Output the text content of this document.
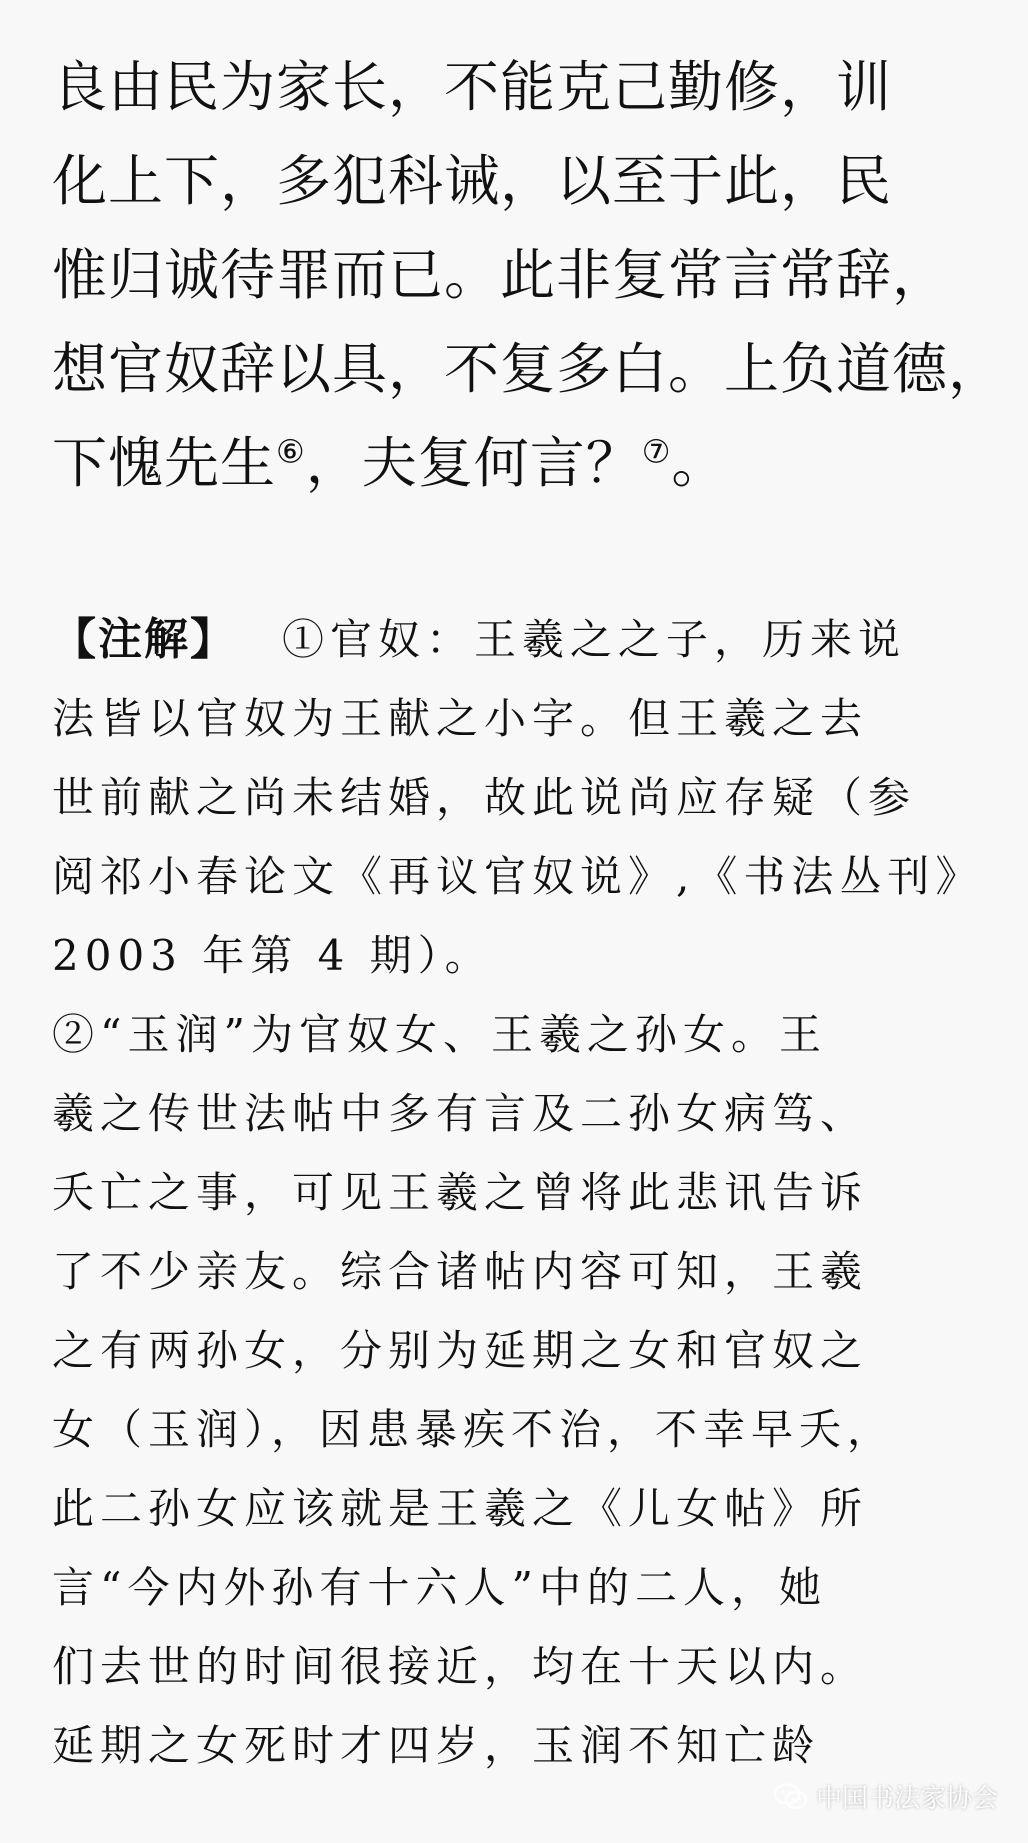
良由民为家长，不能克己勤修，训
化上下，多犯科诫，以至于此，民
惟归诚待罪而已。此非复常言常辞，
想官奴辞以具，不复多白。上负道德，
下愧先生⑥，夫复何言？⑦。
【注解】 ①官奴：王羲之之子，历来说
法皆以官奴为王献之小字。但王羲之去
世前献之尚未结婚，故此说尚应存疑（参
阅祁小春论文《再议官奴说》,《书法丛刊》
2003 年第 4 期）。
②“玉润”为官奴女、王羲之孙女。王
羲之传世法帖中多有言及二孙女病笃、
夭亡之事，可见王羲之曾将此悲讯告诉
了不少亲友。综合诸帖内容可知，王羲
之有两孙女，分别为延期之女和官奴之
女（玉润），因患暴疾不治，不幸早夭，
此二孙女应该就是王羲之《儿女帖》所
言“今内外孙有十六人”中的二人，她
们去世的时间很接近，均在十天以内。
延期之女死时才四岁，玉润不知亡龄
中国书法家协会
